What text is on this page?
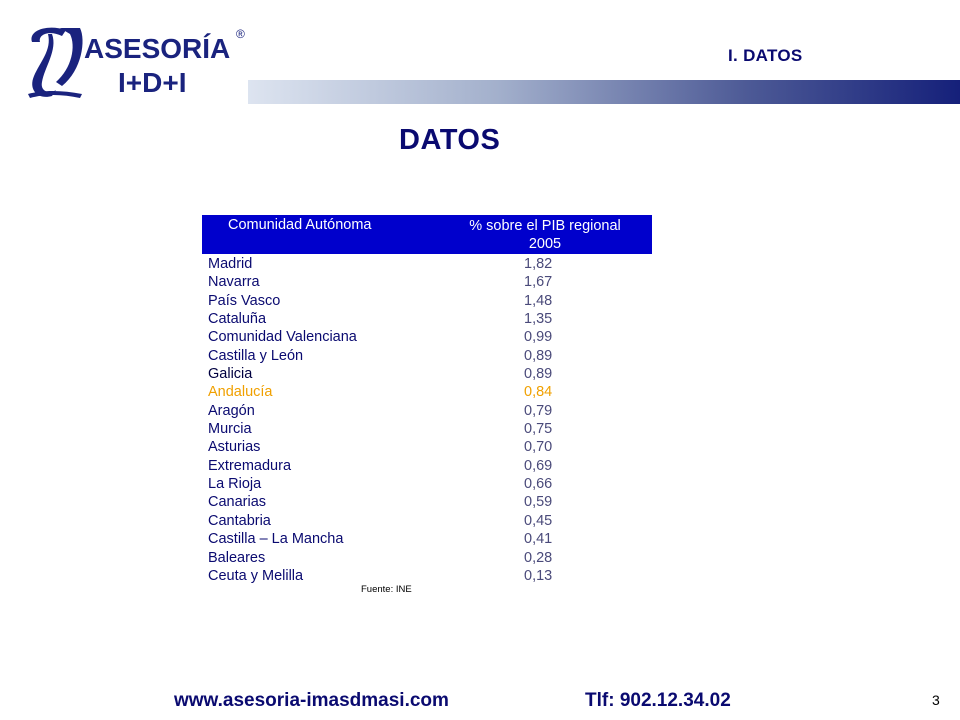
ASESORÍA ®
I+D+I
I. DATOS
DATOS
Comunidad Autónoma	% sobre el PIB regional
2005
Madrid	1,82
Navarra	1,67
País Vasco	1,48
Cataluña	1,35
Comunidad Valenciana	0,99
Castilla y León	0,89
Galicia	0,89
Andalucía	0,84
Aragón	0,79
Murcia	0,75
Asturias	0,70
Extremadura	0,69
La Rioja	0,66
Canarias	0,59
Cantabria	0,45
Castilla – La Mancha	0,41
Baleares	0,28
Ceuta y Melilla	0,13
Fuente: INE
www.asesoria-imasdmasi.com	Tlf: 902.12.34.02	3
